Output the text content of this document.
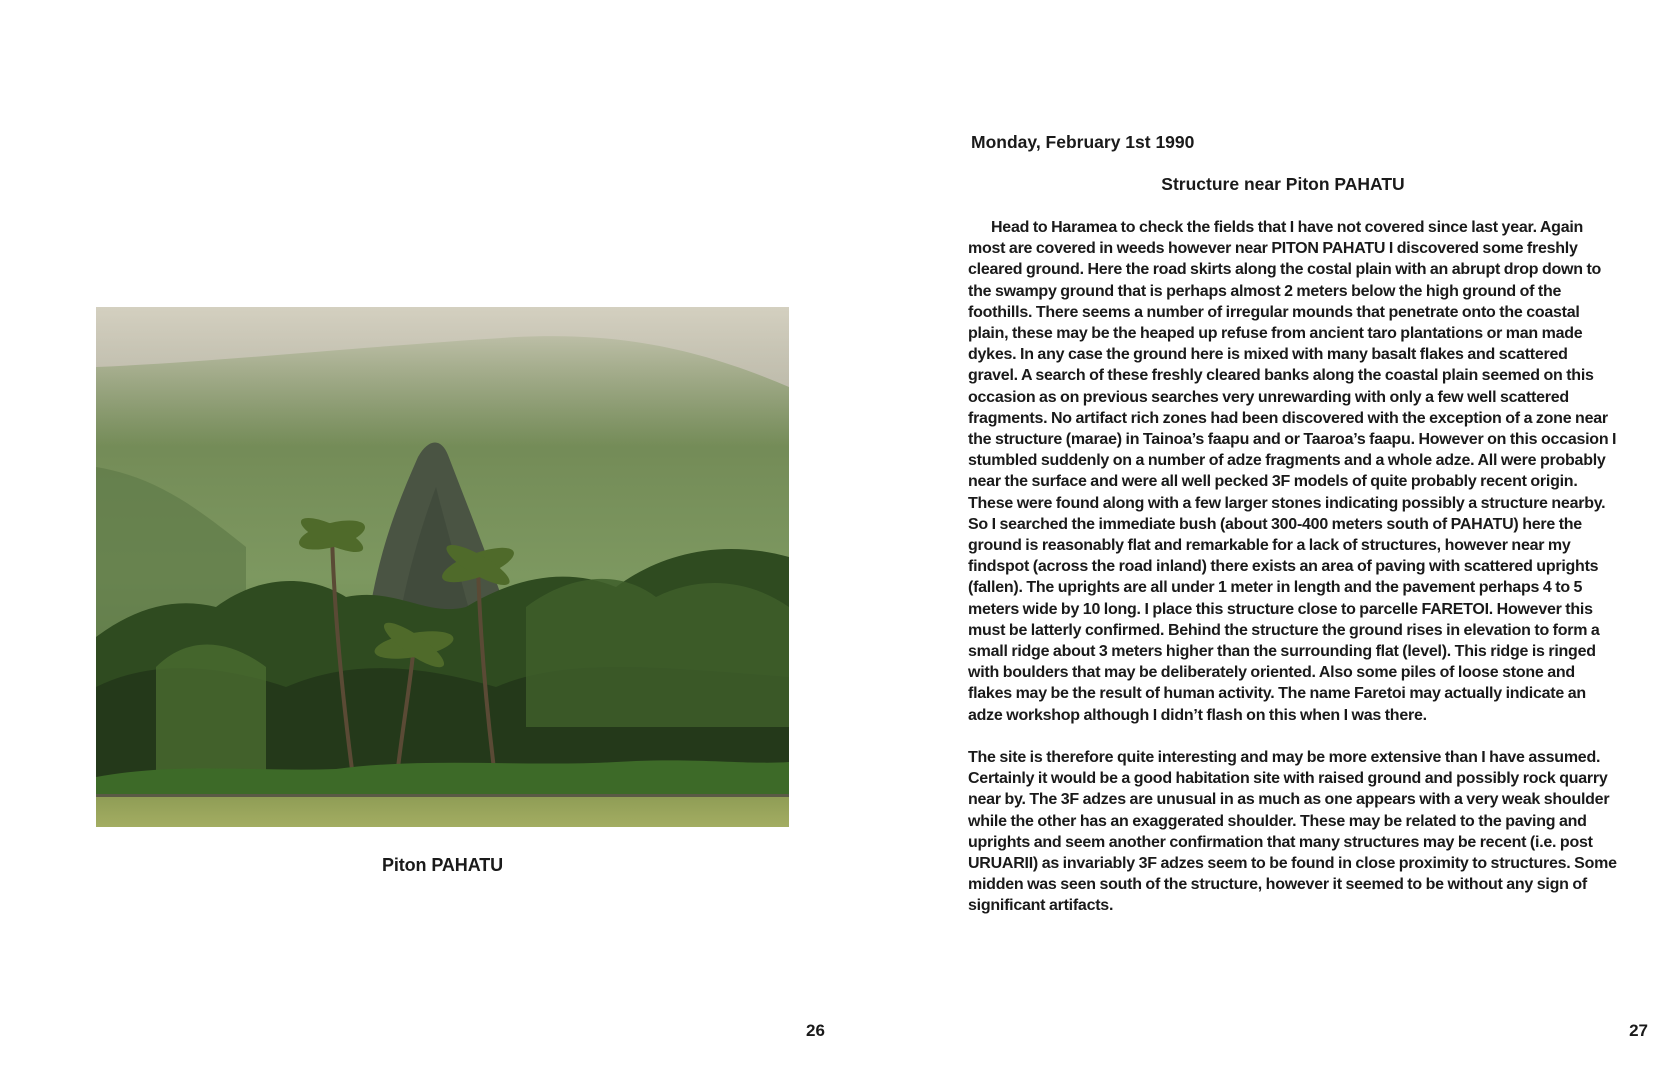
Piton PAHATU
26
Monday, February 1st 1990
Structure near Piton PAHATU

Head to Haramea to check the fields that I have not covered since last year. Again most are covered in weeds however near PITON PAHATU I discovered some freshly cleared ground. Here the road skirts along the costal plain with an abrupt drop down to the swampy ground that is perhaps almost 2 meters below the high ground of the foothills. There seems a number of irregular mounds that penetrate onto the coastal plain, these may be the heaped up refuse from ancient taro plantations or man made dykes. In any case the ground here is mixed with many basalt flakes and scattered gravel. A search of these freshly cleared banks along the coastal plain seemed on this occasion as on previous searches very unrewarding with only a few well scattered fragments. No artifact rich zones had been discovered with the exception of a zone near the structure (marae) in Tainoa’s faapu and or Taaroa’s faapu. However on this occasion I stumbled suddenly on a number of adze fragments and a whole adze. All were probably near the surface and were all well pecked 3F models of quite probably recent origin. These were found along with a few larger stones indicating possibly a structure nearby. So I searched the immediate bush (about 300-400 meters south of PAHATU) here the ground is reasonably flat and remarkable for a lack of structures, however near my findspot (across the road inland) there exists an area of paving with scattered uprights (fallen). The uprights are all under 1 meter in length and the pavement perhaps 4 to 5 meters wide by 10 long. I place this structure close to parcelle FARETOI. However this must be latterly confirmed. Behind the structure the ground rises in elevation to form a small ridge about 3 meters higher than the surrounding flat (level). This ridge is ringed with boulders that may be deliberately oriented. Also some piles of loose stone and flakes may be the result of human activity. The name Faretoi may actually indicate an adze workshop although I didn’t flash on this when I was there.

The site is therefore quite interesting and may be more extensive than I have assumed. Certainly it would be a good habitation site with raised ground and possibly rock quarry near by. The 3F adzes are unusual in as much as one appears with a very weak shoulder while the other has an exaggerated shoulder. These may be related to the paving and uprights and seem another confirmation that many structures may be recent (i.e. post URUARII) as invariably 3F adzes seem to be found in close proximity to structures. Some midden was seen south of the structure, however it seemed to be without any sign of significant artifacts.

27
